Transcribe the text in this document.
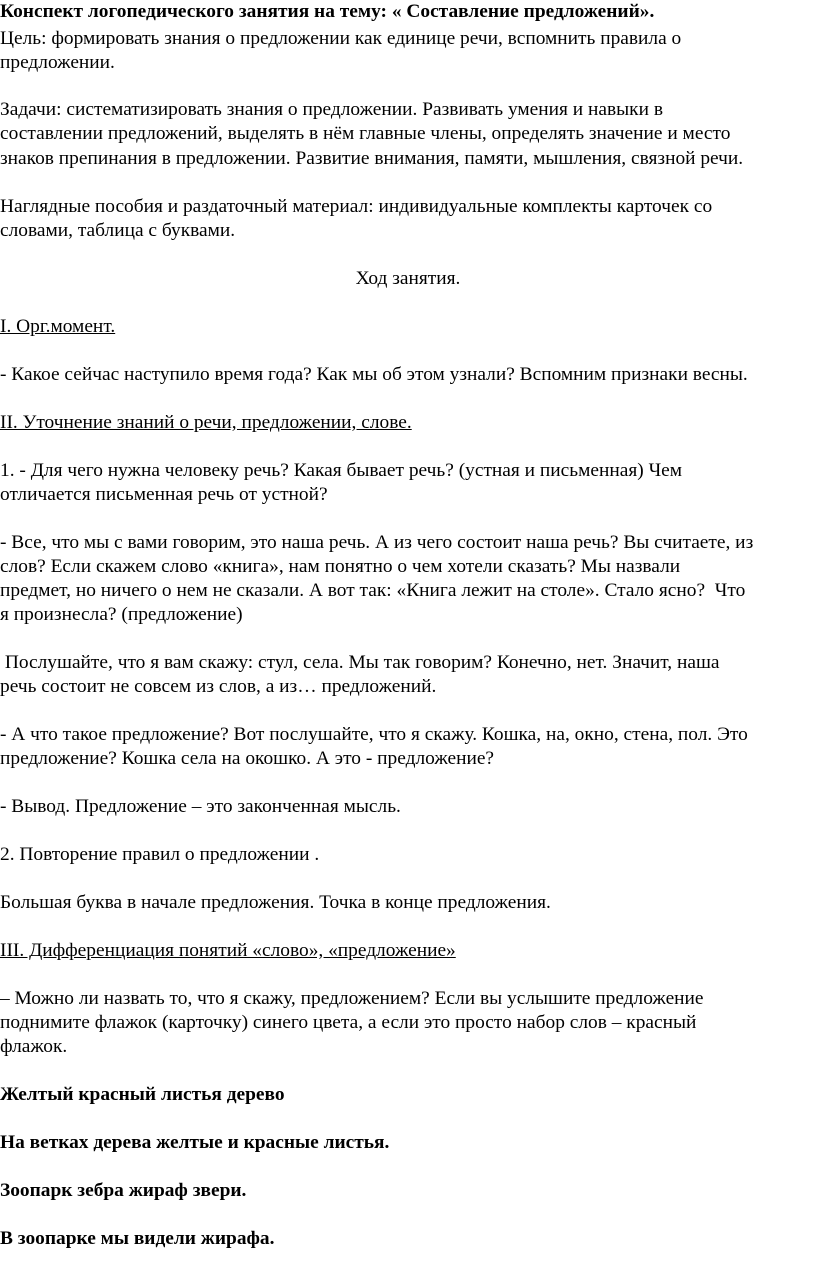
Конспект логопедического занятия на тему: « Составление предложений».

Цель: формировать знания о предложении как единице речи, вспомнить правила о

предложении.

Задачи: систематизировать знания о предложении. Развивать умения и навыки в

составлении предложений, выделять в нём главные члены, определять значение и место

знаков препинания в предложении. Развитие внимания, памяти, мышления, связной речи.

Наглядные пособия и раздаточный материал: индивидуальные комплекты карточек со

словами, таблица с буквами.

Ход занятия.

I. Орг.момент.

- Какое сейчас наступило время года? Как мы об этом узнали? Вспомним признаки весны.

II. Уточнение знаний о речи, предложении, слове.

1. - Для чего нужна человеку речь? Какая бывает речь? (устная и письменная) Чем

отличается письменная речь от устной?

- Все, что мы с вами говорим, это наша речь. А из чего состоит наша речь? Вы считаете, из

слов? Если скажем слово «книга», нам понятно о чем хотели сказать? Мы назвали

предмет, но ничего о нем не сказали. А вот так: «Книга лежит на столе». Стало ясно?  Что

я произнесла? (предложение)

Послушайте, что я вам скажу: стул, села. Мы так говорим? Конечно, нет. Значит, наша

речь состоит не совсем из слов, а из… предложений.

- А что такое предложение? Вот послушайте, что я скажу. Кошка, на, окно, стена, пол. Это

предложение? Кошка села на окошко. А это - предложение?

- Вывод. Предложение – это законченная мысль.

2. Повторение правил о предложении .

Большая буква в начале предложения. Точка в конце предложения.

III. Дифференциация понятий «слово», «предложение»

– Можно ли назвать то, что я скажу, предложением? Если вы услышите предложение

поднимите флажок (карточку) синего цвета, а если это просто набор слов – красный

флажок.

Желтый красный листья дерево

На ветках дерева желтые и красные листья.

Зоопарк зебра жираф звери.

В зоопарке мы видели жирафа.
